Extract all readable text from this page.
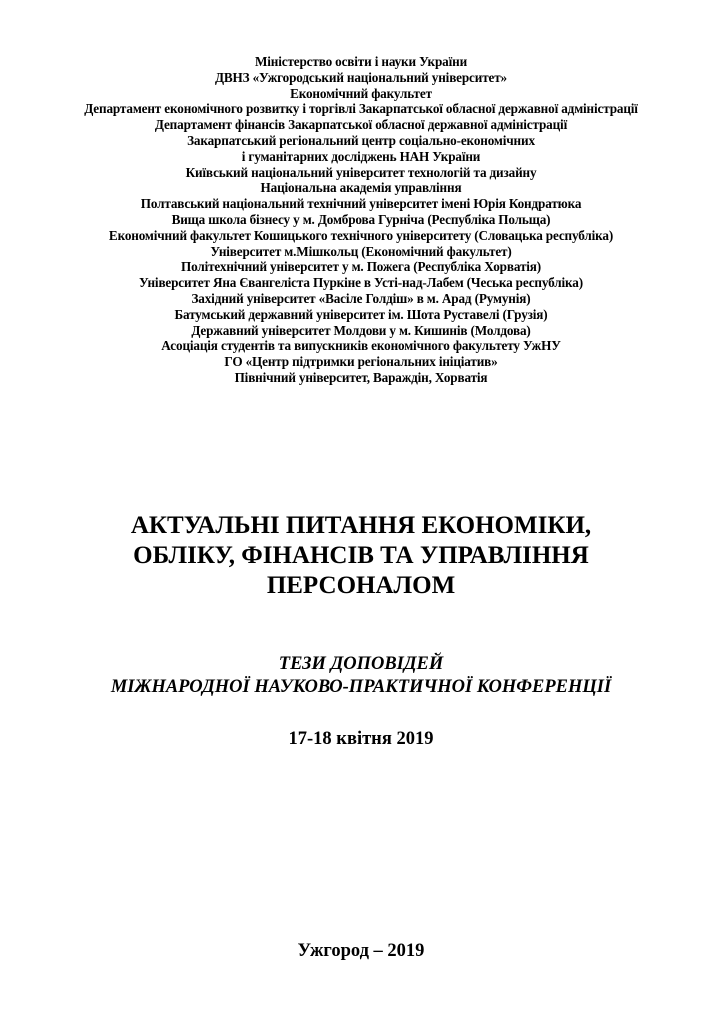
Міністерство освіти і науки України
ДВНЗ «Ужгородський національний університет»
Економічний факультет
Департамент економічного розвитку і торгівлі Закарпатської обласної державної адміністрації
Департамент фінансів Закарпатської обласної державної адміністрації
Закарпатський регіональний центр соціально-економічних
і гуманітарних досліджень НАН України
Київський національний університет технологій та дизайну
Національна академія управління
Полтавський національний технічний університет імені Юрія Кондратюка
Вища школа бізнесу у м. Домброва Гурніча (Республіка Польща)
Економічний факультет Кошицького технічного університету (Словацька республіка)
Університет м.Мішкольц (Економічний факультет)
Політехнічний університет у м. Пожега (Республіка Хорватія)
Університет Яна Євангеліста Пуркіне в Усті-над-Лабем (Чеська республіка)
Західний університет «Васіле Голдіш» в м. Арад (Румунія)
Батумський державний університет ім. Шота Руставелі (Грузія)
Державний університет Молдови у м. Кишинів (Молдова)
Асоціація студентів та випускників економічного факультету УжНУ
ГО «Центр підтримки регіональних ініціатив»
Північний університет, Вараждін, Хорватія
АКТУАЛЬНІ ПИТАННЯ ЕКОНОМІКИ,
ОБЛІКУ, ФІНАНСІВ ТА УПРАВЛІННЯ
ПЕРСОНАЛОМ
ТЕЗИ ДОПОВІДЕЙ
МІЖНАРОДНОЇ НАУКОВО-ПРАКТИЧНОЇ КОНФЕРЕНЦІЇ
17-18 квітня 2019
Ужгород – 2019
